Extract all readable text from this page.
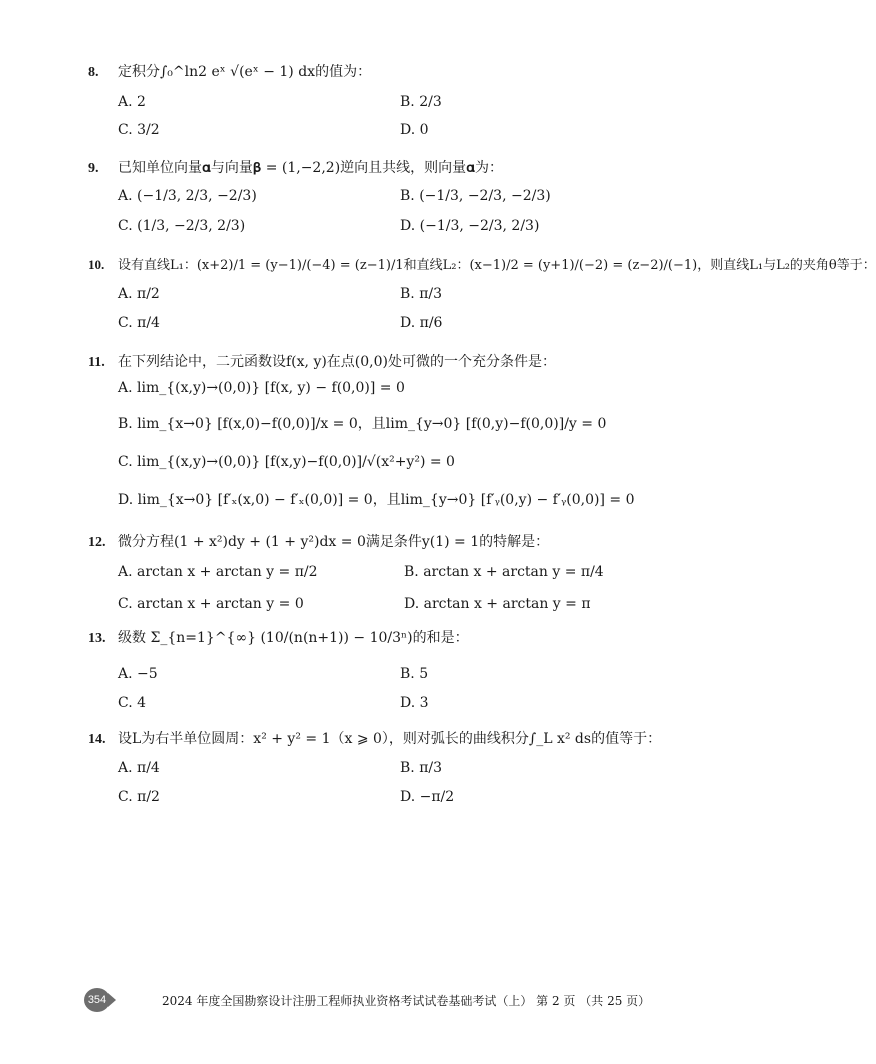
8. 定积分∫₀^ln2 eˣ √(eˣ − 1) dx的值为：
A. 2	B. 2/3
C. 3/2	D. 0
9. 已知单位向量𝛂与向量𝛃 = (1,−2,2)逆向且共线，则向量𝛂为：
A. (−1/3, 2/3, −2/3)	B. (−1/3, −2/3, −2/3)
C. (1/3, −2/3, 2/3)	D. (−1/3, −2/3, 2/3)
10. 设有直线L₁：(x+2)/1 = (y−1)/(−4) = (z−1)/1和直线L₂：(x−1)/2 = (y+1)/(−2) = (z−2)/(−1)，则直线L₁与L₂的夹角θ等于：
A. π/2	B. π/3
C. π/4	D. π/6
11. 在下列结论中，二元函数设f(x, y)在点(0,0)处可微的一个充分条件是：
A. lim_{(x,y)→(0,0)} [f(x, y) − f(0,0)] = 0
B. lim_{x→0} [f(x,0)−f(0,0)]/x = 0，且lim_{y→0} [f(0,y)−f(0,0)]/y = 0
C. lim_{(x,y)→(0,0)} [f(x,y)−f(0,0)]/√(x²+y²) = 0
D. lim_{x→0} [f′ₓ(x,0) − f′ₓ(0,0)] = 0，且lim_{y→0} [f′ᵧ(0,y) − f′ᵧ(0,0)] = 0
12. 微分方程(1 + x²)dy + (1 + y²)dx = 0满足条件y(1) = 1的特解是：
A. arctan x + arctan y = π/2	B. arctan x + arctan y = π/4
C. arctan x + arctan y = 0	D. arctan x + arctan y = π
13. 级数 Σ_{n=1}^{∞} (10/(n(n+1)) − 10/3ⁿ)的和是：
A. −5	B. 5
C. 4	D. 3
14. 设L为右半单位圆周：x² + y² = 1（x ⩾ 0），则对弧长的曲线积分∫_L x² ds的值等于：
A. π/4	B. π/3
C. π/2	D. −π/2
354	2024 年度全国勘察设计注册工程师执业资格考试试卷基础考试（上） 第 2 页 （共 25 页）
